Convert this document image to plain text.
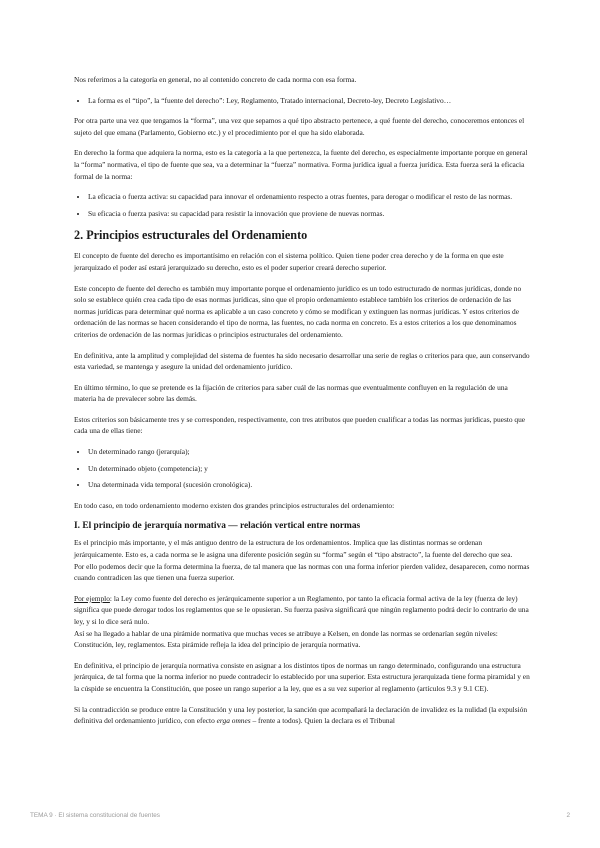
Nos referimos a la categoría en general, no al contenido concreto de cada norma con esa forma.

• La forma es el “tipo”, la “fuente del derecho”: Ley, Reglamento, Tratado internacional, Decreto-ley, Decreto Legislativo…

Por otra parte una vez que tengamos la “forma”, una vez que sepamos a qué tipo abstracto pertenece, a qué fuente del derecho, conoceremos entonces el sujeto del que emana (Parlamento, Gobierno etc.) y el procedimiento por el que ha sido elaborada.

En derecho la forma que adquiera la norma, esto es la categoría a la que pertenezca, la fuente del derecho, es especialmente importante porque en general la “forma” normativa, el tipo de fuente que sea, va a determinar la “fuerza” normativa. Forma jurídica igual a fuerza jurídica. Esta fuerza será la eficacia formal de la norma:

• La eficacia o fuerza activa: su capacidad para innovar el ordenamiento respecto a otras fuentes, para derogar o modificar el resto de las normas.
• Su eficacia o fuerza pasiva: su capacidad para resistir la innovación que proviene de nuevas normas.
2. Principios estructurales del Ordenamiento

El concepto de fuente del derecho es importantísimo en relación con el sistema político. Quien tiene poder crea derecho y de la forma en que este jerarquizado el poder así estará jerarquizado su derecho, esto es el poder superior creará derecho superior.

Este concepto de fuente del derecho es también muy importante porque el ordenamiento jurídico es un todo estructurado de normas jurídicas, donde no solo se establece quién crea cada tipo de esas normas jurídicas, sino que el propio ordenamiento establece también los criterios de ordenación de las normas jurídicas para determinar qué norma es aplicable a un caso concreto y cómo se modifican y extinguen las normas jurídicas. Y estos criterios de ordenación de las normas se hacen considerando el tipo de norma, las fuentes, no cada norma en concreto. Es a estos criterios a los que denominamos criterios de ordenación de las normas jurídicas o principios estructurales del ordenamiento.

En definitiva, ante la amplitud y complejidad del sistema de fuentes ha sido necesario desarrollar una serie de reglas o criterios para que, aun conservando esta variedad, se mantenga y asegure la unidad del ordenamiento jurídico.

En último término, lo que se pretende es la fijación de criterios para saber cuál de las normas que eventualmente confluyen en la regulación de una materia ha de prevalecer sobre las demás.

Estos criterios son básicamente tres y se corresponden, respectivamente, con tres atributos que pueden cualificar a todas las normas jurídicas, puesto que cada una de ellas tiene:

• Un determinado rango (jerarquía);
• Un determinado objeto (competencia); y
• Una determinada vida temporal (sucesión cronológica).

En todo caso, en todo ordenamiento moderno existen dos grandes principios estructurales del ordenamiento:

I. El principio de jerarquía normativa — relación vertical entre normas

Es el principio más importante, y el más antiguo dentro de la estructura de los ordenamientos. Implica que las distintas normas se ordenan jerárquicamente. Esto es, a cada norma se le asigna una diferente posición según su “forma” según el “tipo abstracto”, la fuente del derecho que sea.

Por ello podemos decir que la forma determina la fuerza, de tal manera que las normas con una forma inferior pierden validez, desaparecen, como normas cuando contradicen las que tienen una fuerza superior.

Por ejemplo: la Ley como fuente del derecho es jerárquicamente superior a un Reglamento, por tanto la eficacia formal activa de la ley (fuerza de ley) significa que puede derogar todos los reglamentos que se le opusieran. Su fuerza pasiva significará que ningún reglamento podrá decir lo contrario de una ley, y si lo dice será nulo.

Así se ha llegado a hablar de una pirámide normativa que muchas veces se atribuye a Kelsen, en donde las normas se ordenarían según niveles: Constitución, ley, reglamentos. Esta pirámide refleja la idea del principio de jerarquía normativa.

En definitiva, el principio de jerarquía normativa consiste en asignar a los distintos tipos de normas un rango determinado, configurando una estructura jerárquica, de tal forma que la norma inferior no puede contradecir lo establecido por una superior. Esta estructura jerarquizada tiene forma piramidal y en la cúspide se encuentra la Constitución, que posee un rango superior a la ley, que es a su vez superior al reglamento (artículos 9.3 y 9.1 CE).

Si la contradicción se produce entre la Constitución y una ley posterior, la sanción que acompañará la declaración de invalidez es la nulidad (la expulsión definitiva del ordenamiento jurídico, con efecto erga omnes – frente a todos). Quien la declara es el Tribunal

TEMA 9 · El sistema constitucional de fuentes	2
